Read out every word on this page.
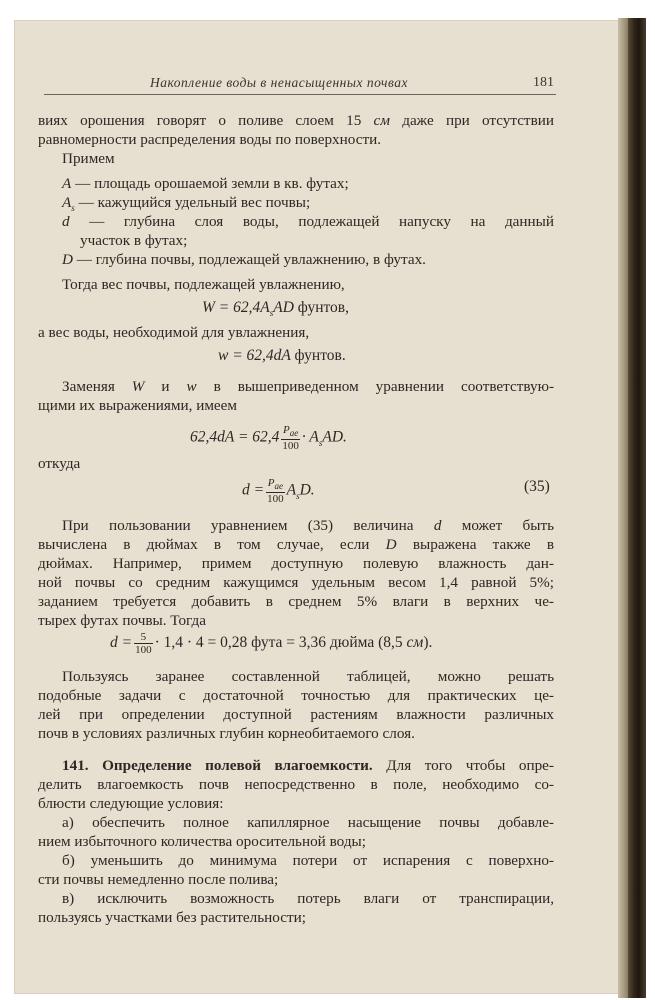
Накопление воды в ненасыщенных почвах	181
виях орошения говорят о поливе слоем 15 см даже при отсутствии
равномерности распределения воды по поверхности.
Примем
A — площадь орошаемой земли в кв. футах;
$A_s$ — кажущийся удельный вес почвы;
d — глубина слоя воды, подлежащей напуску на данный
участок в футах;
D — глубина почвы, подлежащей увлажнению, в футах.
Тогда вес почвы, подлежащей увлажнению,
$W = 62,4A_sAD$ фунтов,
а вес воды, необходимой для увлажнения,
w = 62,4dA фунтов.
Заменяя W и w в вышеприведенном уравнении соответствую-
щими их выражениями, имеем
$62,4dA = 62,4 \frac{P_{ae}}{100} \cdot A_sAD$.
откуда
$d = \frac{P_{ae}}{100} A_sD$.	(35)
При пользовании уравнением (35) величина d может быть
вычислена в дюймах в том случае, если D выражена также в
дюймах. Например, примем доступную полевую влажность дан-
ной почвы со средним кажущимся удельным весом 1,4 равной 5%;
заданием требуется добавить в среднем 5% влаги в верхних че-
тырех футах почвы. Тогда
$d = \frac{5}{100} \cdot 1,4 \cdot 4 = 0,28$ фута = 3,36 дюйма (8,5 см).
Пользуясь заранее составленной таблицей, можно решать
подобные задачи с достаточной точностью для практических це-
лей при определении доступной растениям влажности различных
почв в условиях различных глубин корнеобитаемого слоя.
141. Определение полевой влагоемкости. Для того чтобы опре-
делить влагоемкость почв непосредственно в поле, необходимо со-
блюсти следующие условия:
а) обеспечить полное капиллярное насыщение почвы добавле-
нием избыточного количества оросительной воды;
б) уменьшить до минимума потери от испарения с поверхно-
сти почвы немедленно после полива;
в) исключить возможность потерь влаги от транспирации,
пользуясь участками без растительности;
